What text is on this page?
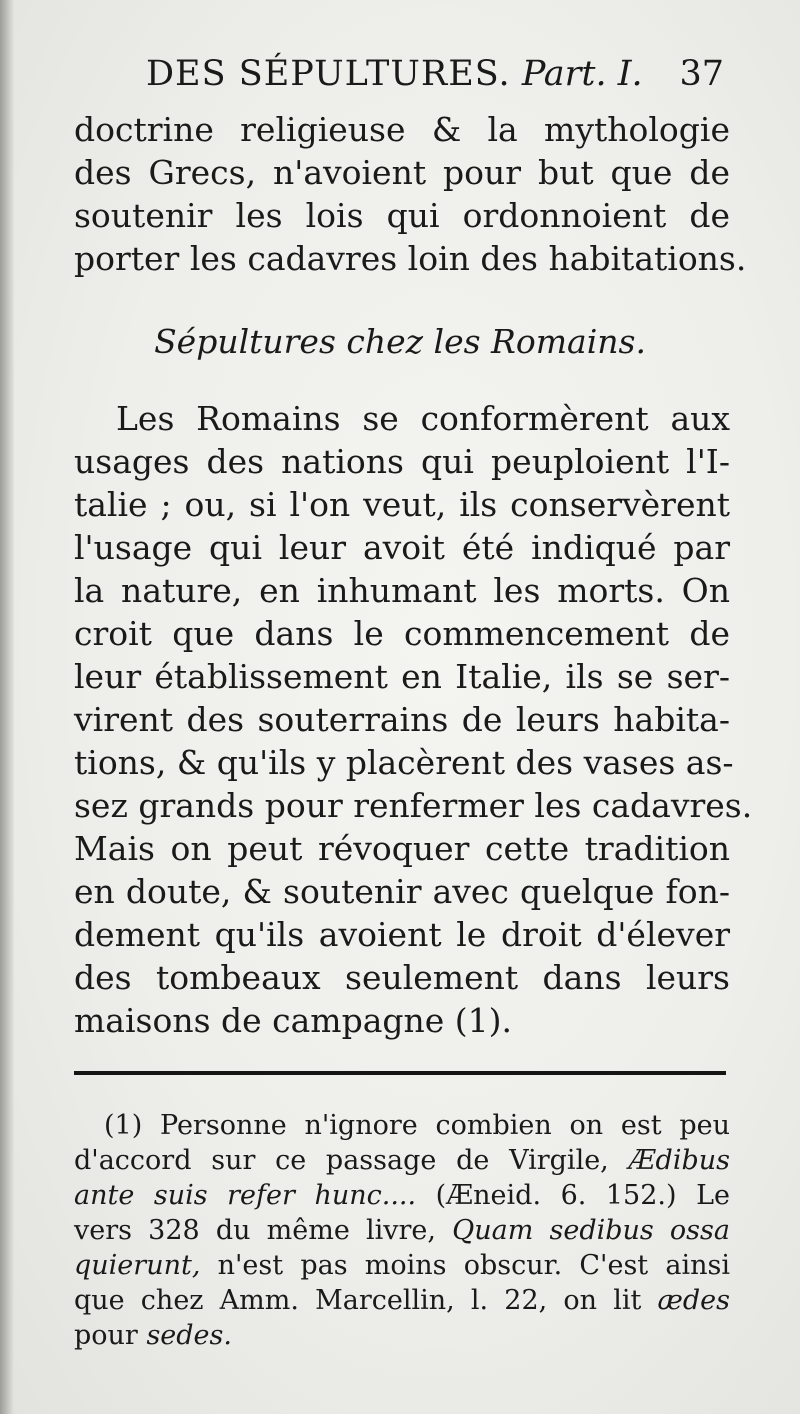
DES SÉPULTURES. Part. I. 37
doctrine religieuse & la mythologie
des Grecs, n'avoient pour but que de
soutenir les lois qui ordonnoient de
porter les cadavres loin des habitations.
Sépultures chez les Romains.
Les Romains se conformèrent aux
usages des nations qui peuploient l'I-
talie ; ou, si l'on veut, ils conservèrent
l'usage qui leur avoit été indiqué par
la nature, en inhumant les morts. On
croit que dans le commencement de
leur établissement en Italie, ils se ser-
virent des souterrains de leurs habita-
tions, & qu'ils y placèrent des vases as-
sez grands pour renfermer les cadavres.
Mais on peut révoquer cette tradition
en doute, & soutenir avec quelque fon-
dement qu'ils avoient le droit d'élever
des tombeaux seulement dans leurs
maisons de campagne (1).
(1) Personne n'ignore combien on est peu
d'accord sur ce passage de Virgile, Ædibus
ante suis refer hunc.... (Æneid. 6. 152.) Le
vers 328 du même livre, Quam sedibus ossa
quierunt, n'est pas moins obscur. C'est ainsi
que chez Amm. Marcellin, l. 22, on lit ædes
pour sedes.
